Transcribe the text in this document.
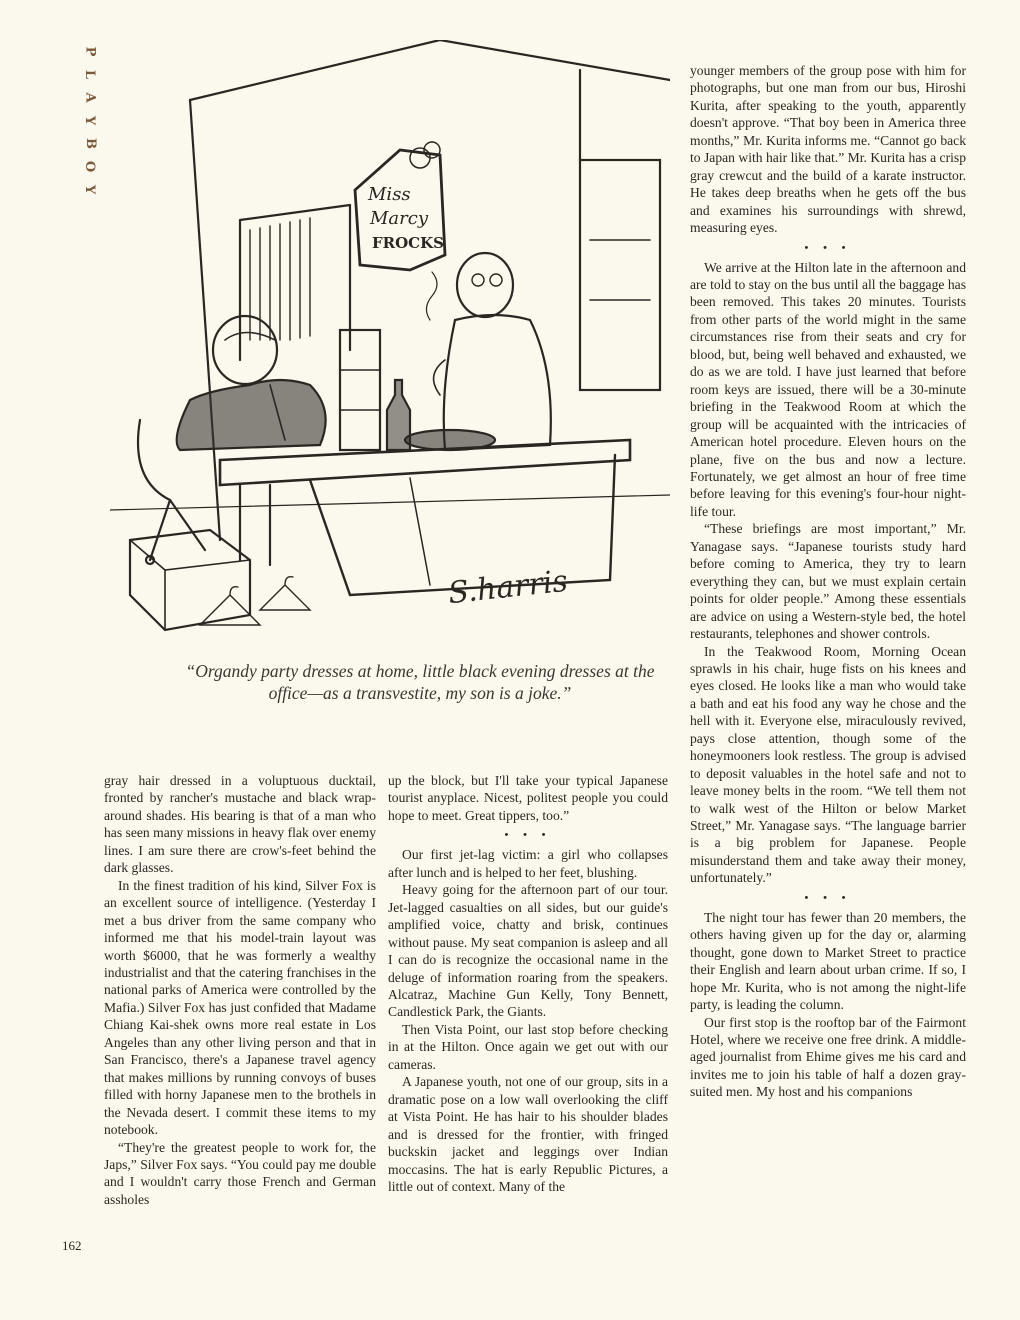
P
L
A
Y
B
O
Y	Miss
Marcy
FROCKS
S.harris
“Organdy party dresses at home, little black evening dresses at the office—as a transvestite, my son is a joke.”

gray hair dressed in a voluptuous ducktail, fronted by rancher's mustache and black wrap-around shades. His bearing is that of a man who has seen many missions in heavy flak over enemy lines. I am sure there are crow's-feet behind the dark glasses.

In the finest tradition of his kind, Silver Fox is an excellent source of intelligence. (Yesterday I met a bus driver from the same company who informed me that his model-train layout was worth $6000, that he was formerly a wealthy industrialist and that the catering franchises in the national parks of America were controlled by the Mafia.) Silver Fox has just confided that Madame Chiang Kai-shek owns more real estate in Los Angeles than any other living person and that in San Francisco, there's a Japanese travel agency that makes millions by running convoys of buses filled with horny Japanese men to the brothels in the Nevada desert. I commit these items to my notebook.

“They're the greatest people to work for, the Japs,” Silver Fox says. “You could pay me double and I wouldn't carry those French and German assholes

up the block, but I'll take your typical Japanese tourist anyplace. Nicest, politest people you could hope to meet. Great tippers, too.”

• • •

Our first jet-lag victim: a girl who collapses after lunch and is helped to her feet, blushing.

Heavy going for the afternoon part of our tour. Jet-lagged casualties on all sides, but our guide's amplified voice, chatty and brisk, continues without pause. My seat companion is asleep and all I can do is recognize the occasional name in the deluge of information roaring from the speakers. Alcatraz, Machine Gun Kelly, Tony Bennett, Candlestick Park, the Giants.

Then Vista Point, our last stop before checking in at the Hilton. Once again we get out with our cameras.

A Japanese youth, not one of our group, sits in a dramatic pose on a low wall overlooking the cliff at Vista Point. He has hair to his shoulder blades and is dressed for the frontier, with fringed buckskin jacket and leggings over Indian moccasins. The hat is early Republic Pictures, a little out of context. Many of the

younger members of the group pose with him for photographs, but one man from our bus, Hiroshi Kurita, after speaking to the youth, apparently doesn't approve. “That boy been in America three months,” Mr. Kurita informs me. “Cannot go back to Japan with hair like that.” Mr. Kurita has a crisp gray crewcut and the build of a karate instructor. He takes deep breaths when he gets off the bus and examines his surroundings with shrewd, measuring eyes.

• • •

We arrive at the Hilton late in the afternoon and are told to stay on the bus until all the baggage has been removed. This takes 20 minutes. Tourists from other parts of the world might in the same circumstances rise from their seats and cry for blood, but, being well behaved and exhausted, we do as we are told. I have just learned that before room keys are issued, there will be a 30-minute briefing in the Teakwood Room at which the group will be acquainted with the intricacies of American hotel procedure. Eleven hours on the plane, five on the bus and now a lecture. Fortunately, we get almost an hour of free time before leaving for this evening's four-hour night-life tour.

“These briefings are most important,” Mr. Yanagase says. “Japanese tourists study hard before coming to America, they try to learn everything they can, but we must explain certain points for older people.” Among these essentials are advice on using a Western-style bed, the hotel restaurants, telephones and shower controls.

In the Teakwood Room, Morning Ocean sprawls in his chair, huge fists on his knees and eyes closed. He looks like a man who would take a bath and eat his food any way he chose and the hell with it. Everyone else, miraculously revived, pays close attention, though some of the honeymooners look restless. The group is advised to deposit valuables in the hotel safe and not to leave money belts in the room. “We tell them not to walk west of the Hilton or below Market Street,” Mr. Yanagase says. “The language barrier is a big problem for Japanese. People misunderstand them and take away their money, unfortunately.”

• • •

The night tour has fewer than 20 members, the others having given up for the day or, alarming thought, gone down to Market Street to practice their English and learn about urban crime. If so, I hope Mr. Kurita, who is not among the night-life party, is leading the column.

Our first stop is the rooftop bar of the Fairmont Hotel, where we receive one free drink. A middle-aged journalist from Ehime gives me his card and invites me to join his table of half a dozen gray-suited men. My host and his companions

162
